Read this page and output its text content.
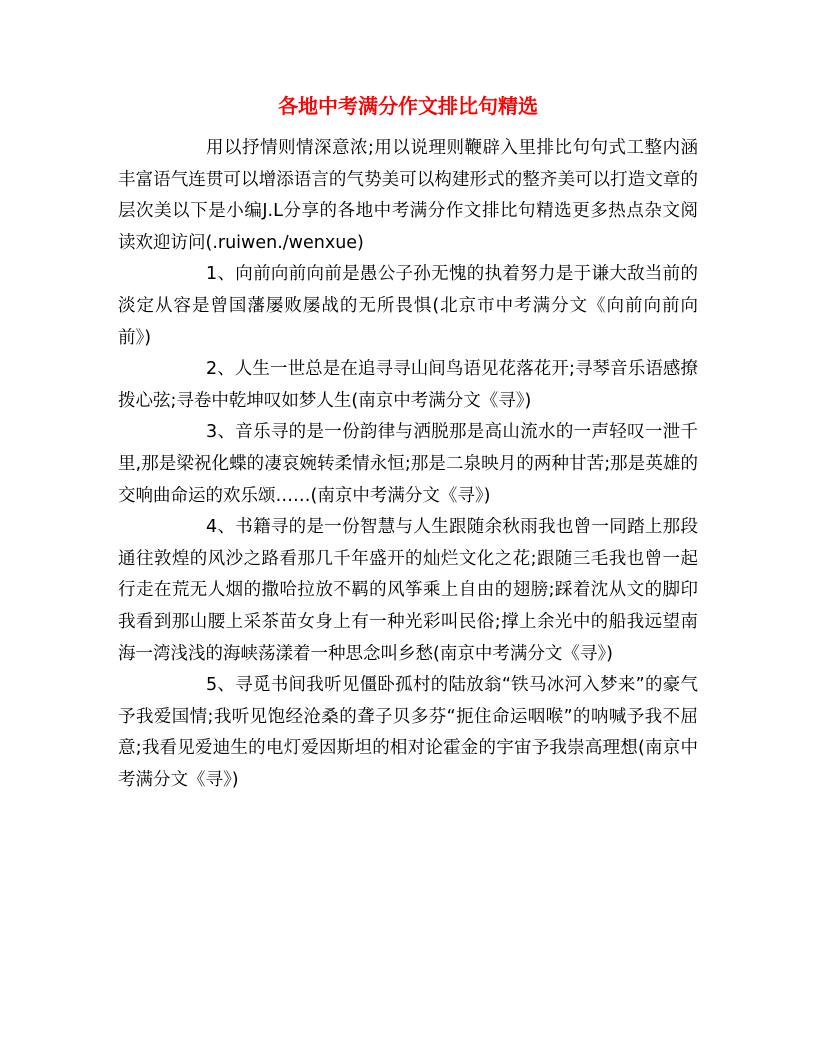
各地中考满分作文排比句精选

用以抒情则情深意浓;用以说理则鞭辟入里排比句句式工整内涵丰富语气连贯可以增添语言的气势美可以构建形式的整齐美可以打造文章的层次美以下是小编J.L分享的各地中考满分作文排比句精选更多热点杂文阅读欢迎访问(.ruiwen./wenxue)

1、向前向前向前是愚公子孙无愧的执着努力是于谦大敌当前的淡定从容是曾国藩屡败屡战的无所畏惧(北京市中考满分文《向前向前向前》)

2、人生一世总是在追寻寻山间鸟语见花落花开;寻琴音乐语感撩拨心弦;寻卷中乾坤叹如梦人生(南京中考满分文《寻》)

3、音乐寻的是一份韵律与洒脱那是高山流水的一声轻叹一泄千里,那是梁祝化蝶的凄哀婉转柔情永恒;那是二泉映月的两种甘苦;那是英雄的交响曲命运的欢乐颂……(南京中考满分文《寻》)

4、书籍寻的是一份智慧与人生跟随余秋雨我也曾一同踏上那段通往敦煌的风沙之路看那几千年盛开的灿烂文化之花;跟随三毛我也曾一起行走在荒无人烟的撒哈拉放不羁的风筝乘上自由的翅膀;踩着沈从文的脚印我看到那山腰上采茶苗女身上有一种光彩叫民俗;撑上余光中的船我远望南海一湾浅浅的海峡荡漾着一种思念叫乡愁(南京中考满分文《寻》)

5、寻觅书间我听见僵卧孤村的陆放翁“铁马冰河入梦来”的豪气予我爱国情;我听见饱经沧桑的聋子贝多芬“扼住命运咽喉”的呐喊予我不屈意;我看见爱迪生的电灯爱因斯坦的相对论霍金的宇宙予我崇高理想(南京中考满分文《寻》)
